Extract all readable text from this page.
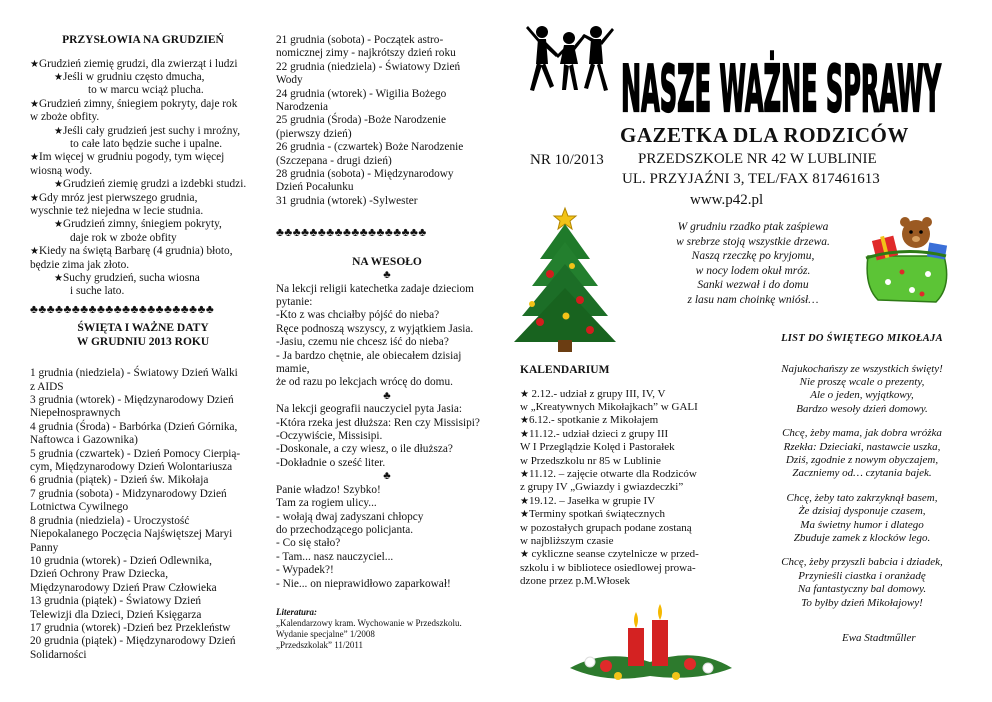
PRZYSŁOWIA NA GRUDZIEŃ

★Grudzień ziemię grudzi, dla zwierząt i ludzi

★Jeśli w grudniu często dmucha,

to w marcu wciąż plucha.

★Grudzień zimny, śniegiem pokryty, daje rok

w zboże obfity.

★Jeśli cały grudzień jest suchy i mroźny,

to całe lato będzie suche i upalne.

★Im więcej w grudniu pogody, tym więcej

wiosną wody.

★Grudzień ziemię grudzi a izdebki studzi.

★Gdy mróz jest pierwszego grudnia,

wyschnie też niejedna w lecie studnia.

★Grudzień zimny, śniegiem pokryty,

daje rok w zboże obfity

★Kiedy na świętą Barbarę (4 grudnia) błoto,

będzie zima jak złoto.

★Suchy grudzień, sucha wiosna

i suche lato.

♣♣♣♣♣♣♣♣♣♣♣♣♣♣♣♣♣♣♣♣♣♣
ŚWIĘTA I WAŻNE DATY
W GRUDNIU 2013 ROKU

1 grudnia (niedziela) - Światowy Dzień Walki

z AIDS

3 grudnia (wtorek) - Międzynarodowy Dzień

Niepełnosprawnych

4 grudnia (Środa) - Barbórka (Dzień Górnika,

Naftowca i Gazownika)

5 grudnia (czwartek) - Dzień Pomocy Cierpią-

cym, Międzynarodowy Dzień Wolontariusza

6 grudnia (piątek) - Dzień św. Mikołaja

7 grudnia (sobota) - Midzynarodowy Dzień

Lotnictwa Cywilnego

8 grudnia (niedziela) - Uroczystość

Niepokalanego Poczęcia Najświętszej Maryi

Panny

10 grudnia (wtorek) - Dzień Odlewnika,

Dzień Ochrony Praw Dziecka,

Międzynarodowy Dzień Praw Człowieka

13 grudnia (piątek) - Światowy Dzień

Telewizji dla Dzieci, Dzień Księgarza

17 grudnia (wtorek) -Dzień bez Przekleństw

20 grudnia (piątek) - Międzynarodowy Dzień

Solidarności

21 grudnia (sobota) - Początek astro-

nomicznej zimy - najkrótszy dzień roku

22 grudnia (niedziela) - Światowy Dzień

Wody

24 grudnia (wtorek) - Wigilia Bożego

Narodzenia

25 grudnia (Środa) -Boże Narodzenie

(pierwszy dzień)

26 grudnia - (czwartek) Boże Narodzenie

(Szczepana - drugi dzień)

28 grudnia (sobota) - Międzynarodowy

Dzień Pocałunku

31 grudnia (wtorek) -Sylwester

♣♣♣♣♣♣♣♣♣♣♣♣♣♣♣♣♣♣
NA WESOŁO
♣

Na lekcji religii katechetka zadaje dzieciom

pytanie:

-Kto z was chciałby pójść do nieba?

Ręce podnoszą wszyscy, z wyjątkiem Jasia.

-Jasiu, czemu nie chcesz iść do nieba?

- Ja bardzo chętnie, ale obiecałem dzisiaj

mamie,

że od razu po lekcjach wrócę do domu.

♣

Na lekcji geografii nauczyciel pyta Jasia:

-Która rzeka jest dłuższa: Ren czy Missisipi?

-Oczywiście, Missisipi.

-Doskonale, a czy wiesz, o ile dłuższa?

-Dokładnie o sześć liter.

♣

Panie władzo! Szybko!

Tam za rogiem ulicy...

- wołają dwaj zadyszani chłopcy

do przechodzącego policjanta.

- Co się stało?

- Tam... nasz nauczyciel...

- Wypadek?!

- Nie... on nieprawidłowo zaparkował!

Literatura:
„Kalendarzowy kram. Wychowanie w Przedszkolu.
Wydanie specjalne” 1/2008
„Przedszkolak” 11/2011
NASZE WAŻNE SPRAWY
GAZETKA DLA RODZICÓW
NR 10/2013 PRZEDSZKOLE NR 42 W LUBLINIE
UL. PRZYJAŹNI 3, TEL/FAX 817461613
www.p42.pl

W grudniu rzadko ptak zaśpiewa

w srebrze stoją wszystkie drzewa.

Naszą rzeczkę po kryjomu,

w nocy lodem okuł mróz.

Sanki wezwał i do domu

z lasu nam choinkę wniósł…

KALENDARIUM

★ 2.12.- udział z grupy III, IV, V

w „Kreatywnych Mikołajkach” w GALI

★6.12.- spotkanie z Mikołajem

★11.12.- udział dzieci z grupy III

W I Przeglądzie Kolęd i Pastorałek

w Przedszkolu nr 85 w Lublinie

★11.12. – zajęcie otwarte dla Rodziców

z grupy IV „Gwiazdy i gwiazdeczki”

★19.12. – Jasełka w grupie IV

★Terminy spotkań świątecznych

w pozostałych grupach podane zostaną

w najbliższym czasie

★ cykliczne seanse czytelnicze w przed-

szkolu i w bibliotece osiedlowej prowa-

dzone przez p.M.Włosek

LIST DO ŚWIĘTEGO MIKOŁAJA

Najukochańszy ze wszystkich święty!

Nie proszę wcale o prezenty,

Ale o jeden, wyjątkowy,

Bardzo wesoły dzień domowy.

Chcę, żeby mama, jak dobra wróżka

Rzekła: Dzieciaki, nastawcie uszka,

Dziś, zgodnie z nowym obyczajem,

Zaczniemy od… czytania bajek.

Chcę, żeby tato zakrzyknął basem,

Że dzisiaj dysponuje czasem,

Ma świetny humor i dlatego

Zbuduje zamek z klocków lego.

Chcę, żeby przyszli babcia i dziadek,

Przynieśli ciastka i oranżadę

Na fantastyczny bal domowy.

To byłby dzień Mikołajowy!

Ewa Stadtműller
